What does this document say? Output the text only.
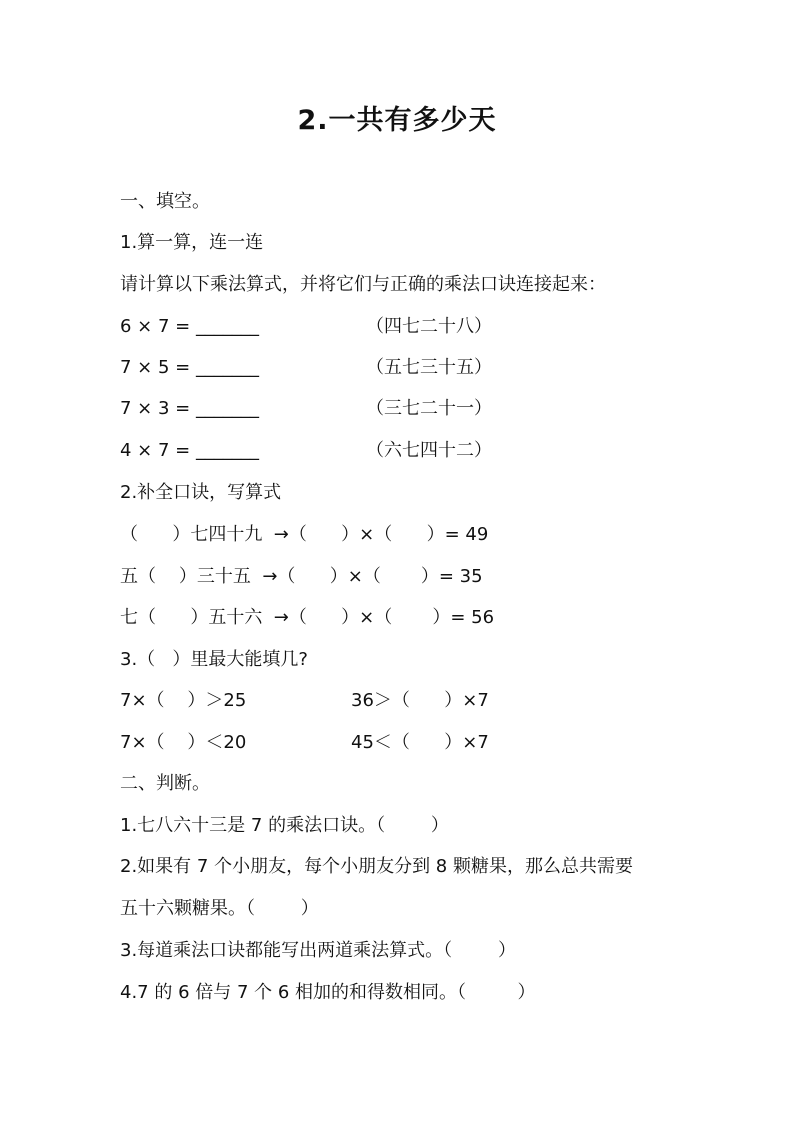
2.一共有多少天
一、填空。
1.算一算，连一连
请计算以下乘法算式，并将它们与正确的乘法口诀连接起来：
6 × 7 = _______	（四七二十八）
7 × 5 = _______	（五七三十五）
7 × 3 = _______	（三七二十一）
4 × 7 = _______	（六七四十二）
2.补全口诀，写算式
（      ）七四十九  →（      ）×（      ）= 49
五（    ）三十五  →（      ）×（       ）= 35
七（      ）五十六  →（      ）×（       ）= 56
3.（   ）里最大能填几?
7×（    ）＞25	36＞（      ）×7
7×（    ）＜20	45＜（      ）×7
二、判断。
1.七八六十三是 7 的乘法口诀。（        ）
2.如果有 7 个小朋友，每个小朋友分到 8 颗糖果，那么总共需要
五十六颗糖果。（        ）
3.每道乘法口诀都能写出两道乘法算式。（        ）
4.7 的 6 倍与 7 个 6 相加的和得数相同。（         ）
